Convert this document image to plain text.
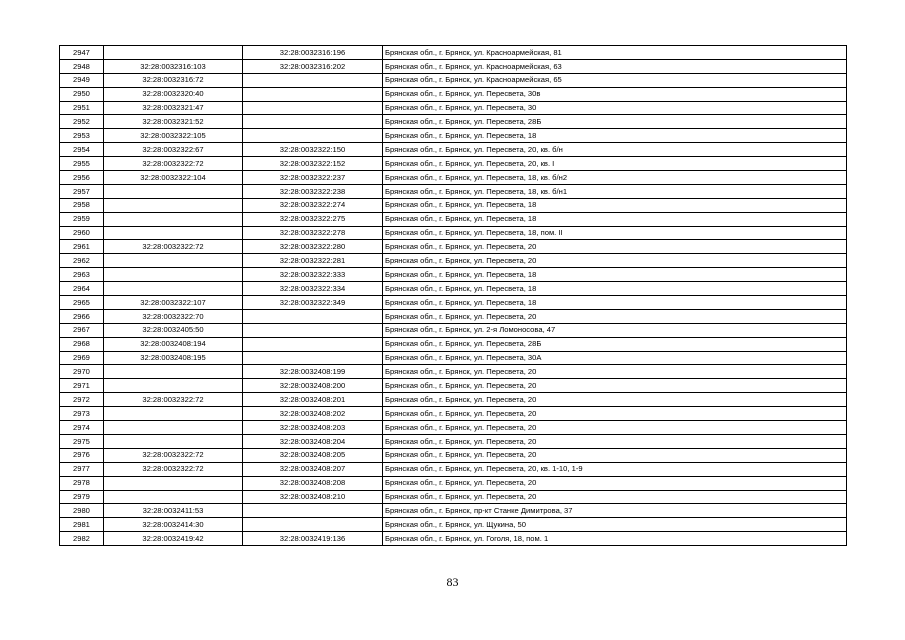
2947		32:28:0032316:196	Брянская обл., г. Брянск, ул. Красноармейская, 81
2948	32:28:0032316:103	32:28:0032316:202	Брянская обл., г. Брянск, ул. Красноармейская, 63
2949	32:28:0032316:72		Брянская обл., г. Брянск, ул. Красноармейская, 65
2950	32:28:0032320:40		Брянская обл., г. Брянск, ул. Пересвета, 30в
2951	32:28:0032321:47		Брянская обл., г. Брянск, ул. Пересвета, 30
2952	32:28:0032321:52		Брянская обл., г. Брянск, ул. Пересвета, 28Б
2953	32:28:0032322:105		Брянская обл., г. Брянск, ул. Пересвета, 18
2954	32:28:0032322:67	32:28:0032322:150	Брянская обл., г. Брянск, ул. Пересвета, 20, кв. б/н
2955	32:28:0032322:72	32:28:0032322:152	Брянская обл., г. Брянск, ул. Пересвета, 20, кв. I
2956	32:28:0032322:104	32:28:0032322:237	Брянская обл., г. Брянск, ул. Пересвета, 18, кв. б/н2
2957		32:28:0032322:238	Брянская обл., г. Брянск, ул. Пересвета, 18, кв. б/н1
2958		32:28:0032322:274	Брянская обл., г. Брянск, ул. Пересвета, 18
2959		32:28:0032322:275	Брянская обл., г. Брянск, ул. Пересвета, 18
2960		32:28:0032322:278	Брянская обл., г. Брянск, ул. Пересвета, 18, пом. II
2961	32:28:0032322:72	32:28:0032322:280	Брянская обл., г. Брянск, ул. Пересвета, 20
2962		32:28:0032322:281	Брянская обл., г. Брянск, ул. Пересвета, 20
2963		32:28:0032322:333	Брянская обл., г. Брянск, ул. Пересвета, 18
2964		32:28:0032322:334	Брянская обл., г. Брянск, ул. Пересвета, 18
2965	32:28:0032322:107	32:28:0032322:349	Брянская обл., г. Брянск, ул. Пересвета, 18
2966	32:28:0032322:70		Брянская обл., г. Брянск, ул. Пересвета, 20
2967	32:28:0032405:50		Брянская обл., г. Брянск, ул. 2-я Ломоносова, 47
2968	32:28:0032408:194		Брянская обл., г. Брянск, ул. Пересвета, 28Б
2969	32:28:0032408:195		Брянская обл., г. Брянск, ул. Пересвета, 30А
2970		32:28:0032408:199	Брянская обл., г. Брянск, ул. Пересвета, 20
2971		32:28:0032408:200	Брянская обл., г. Брянск, ул. Пересвета, 20
2972	32:28:0032322:72	32:28:0032408:201	Брянская обл., г. Брянск, ул. Пересвета, 20
2973		32:28:0032408:202	Брянская обл., г. Брянск, ул. Пересвета, 20
2974		32:28:0032408:203	Брянская обл., г. Брянск, ул. Пересвета, 20
2975		32:28:0032408:204	Брянская обл., г. Брянск, ул. Пересвета, 20
2976	32:28:0032322:72	32:28:0032408:205	Брянская обл., г. Брянск, ул. Пересвета, 20
2977	32:28:0032322:72	32:28:0032408:207	Брянская обл., г. Брянск, ул. Пересвета, 20, кв. 1-10, 1-9
2978		32:28:0032408:208	Брянская обл., г. Брянск, ул. Пересвета, 20
2979		32:28:0032408:210	Брянская обл., г. Брянск, ул. Пересвета, 20
2980	32:28:0032411:53		Брянская обл., г. Брянск, пр-кт Станке Димитрова, 37
2981	32:28:0032414:30		Брянская обл., г. Брянск, ул. Щукина, 50
2982	32:28:0032419:42	32:28:0032419:136	Брянская обл., г. Брянск, ул. Гоголя, 18, пом. 1
83
